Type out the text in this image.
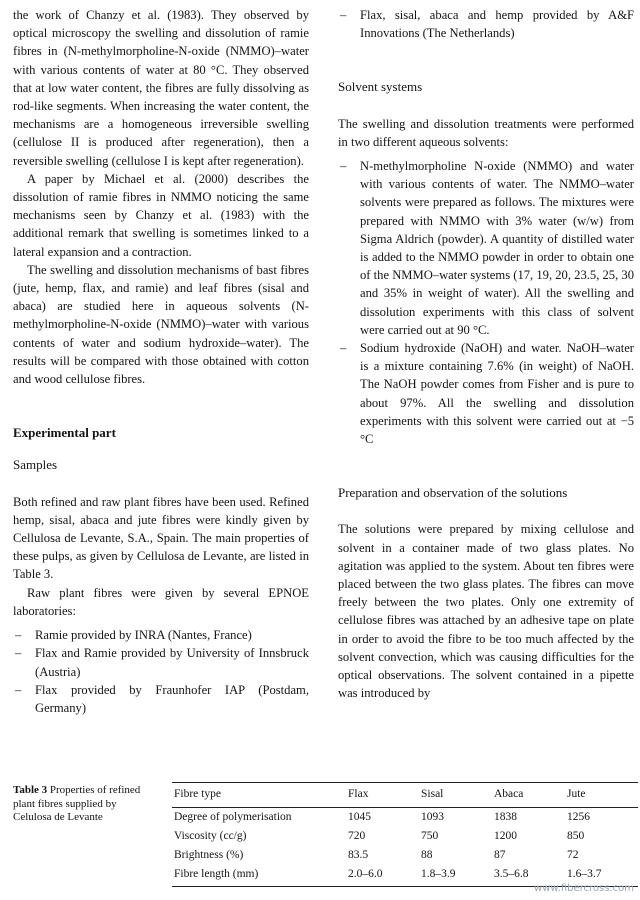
the work of Chanzy et al. (1983). They observed by optical microscopy the swelling and dissolution of ramie fibres in (N-methylmorpholine-N-oxide (NMMO)–water with various contents of water at 80 °C. They observed that at low water content, the fibres are fully dissolving as rod-like segments. When increasing the water content, the mechanisms are a homogeneous irreversible swelling (cellulose II is produced after regeneration), then a reversible swelling (cellulose I is kept after regeneration).

A paper by Michael et al. (2000) describes the dissolution of ramie fibres in NMMO noticing the same mechanisms seen by Chanzy et al. (1983) with the additional remark that swelling is sometimes linked to a lateral expansion and a contraction.

The swelling and dissolution mechanisms of bast fibres (jute, hemp, flax, and ramie) and leaf fibres (sisal and abaca) are studied here in aqueous solvents (N-methylmorpholine-N-oxide (NMMO)–water with various contents of water and sodium hydroxide–water). The results will be compared with those obtained with cotton and wood cellulose fibres.

Experimental part

Samples

Both refined and raw plant fibres have been used. Refined hemp, sisal, abaca and jute fibres were kindly given by Cellulosa de Levante, S.A., Spain. The main properties of these pulps, as given by Cellulosa de Levante, are listed in Table 3.

Raw plant fibres were given by several EPNOE laboratories:

– Ramie provided by INRA (Nantes, France)
– Flax and Ramie provided by University of Innsbruck (Austria)
– Flax provided by Fraunhofer IAP (Postdam, Germany)
– Flax, sisal, abaca and hemp provided by A&F Innovations (The Netherlands)

Solvent systems

The swelling and dissolution treatments were performed in two different aqueous solvents:

– N-methylmorpholine N-oxide (NMMO) and water with various contents of water. The NMMO–water solvents were prepared as follows. The mixtures were prepared with NMMO with 3% water (w/w) from Sigma Aldrich (powder). A quantity of distilled water is added to the NMMO powder in order to obtain one of the NMMO–water systems (17, 19, 20, 23.5, 25, 30 and 35% in weight of water). All the swelling and dissolution experiments with this class of solvent were carried out at 90 °C.
– Sodium hydroxide (NaOH) and water. NaOH–water is a mixture containing 7.6% (in weight) of NaOH. The NaOH powder comes from Fisher and is pure to about 97%. All the swelling and dissolution experiments with this solvent were carried out at −5 °C

Preparation and observation of the solutions

The solutions were prepared by mixing cellulose and solvent in a container made of two glass plates. No agitation was applied to the system. About ten fibres were placed between the two glass plates. The fibres can move freely between the two plates. Only one extremity of cellulose fibres was attached by an adhesive tape on plate in order to avoid the fibre to be too much affected by the solvent convection, which was causing difficulties for the optical observations. The solvent contained in a pipette was introduced by

Table 3 Properties of refined plant fibres supplied by Celulosa de Levante
Fibre type	Flax	Sisal	Abaca	Jute
Degree of polymerisation	1045	1093	1838	1256
Viscosity (cc/g)	720	750	1200	850
Brightness (%)	83.5	88	87	72
Fibre length (mm)	2.0–6.0	1.8–3.9	3.5–6.8	1.6–3.7
www.fibercross.com
